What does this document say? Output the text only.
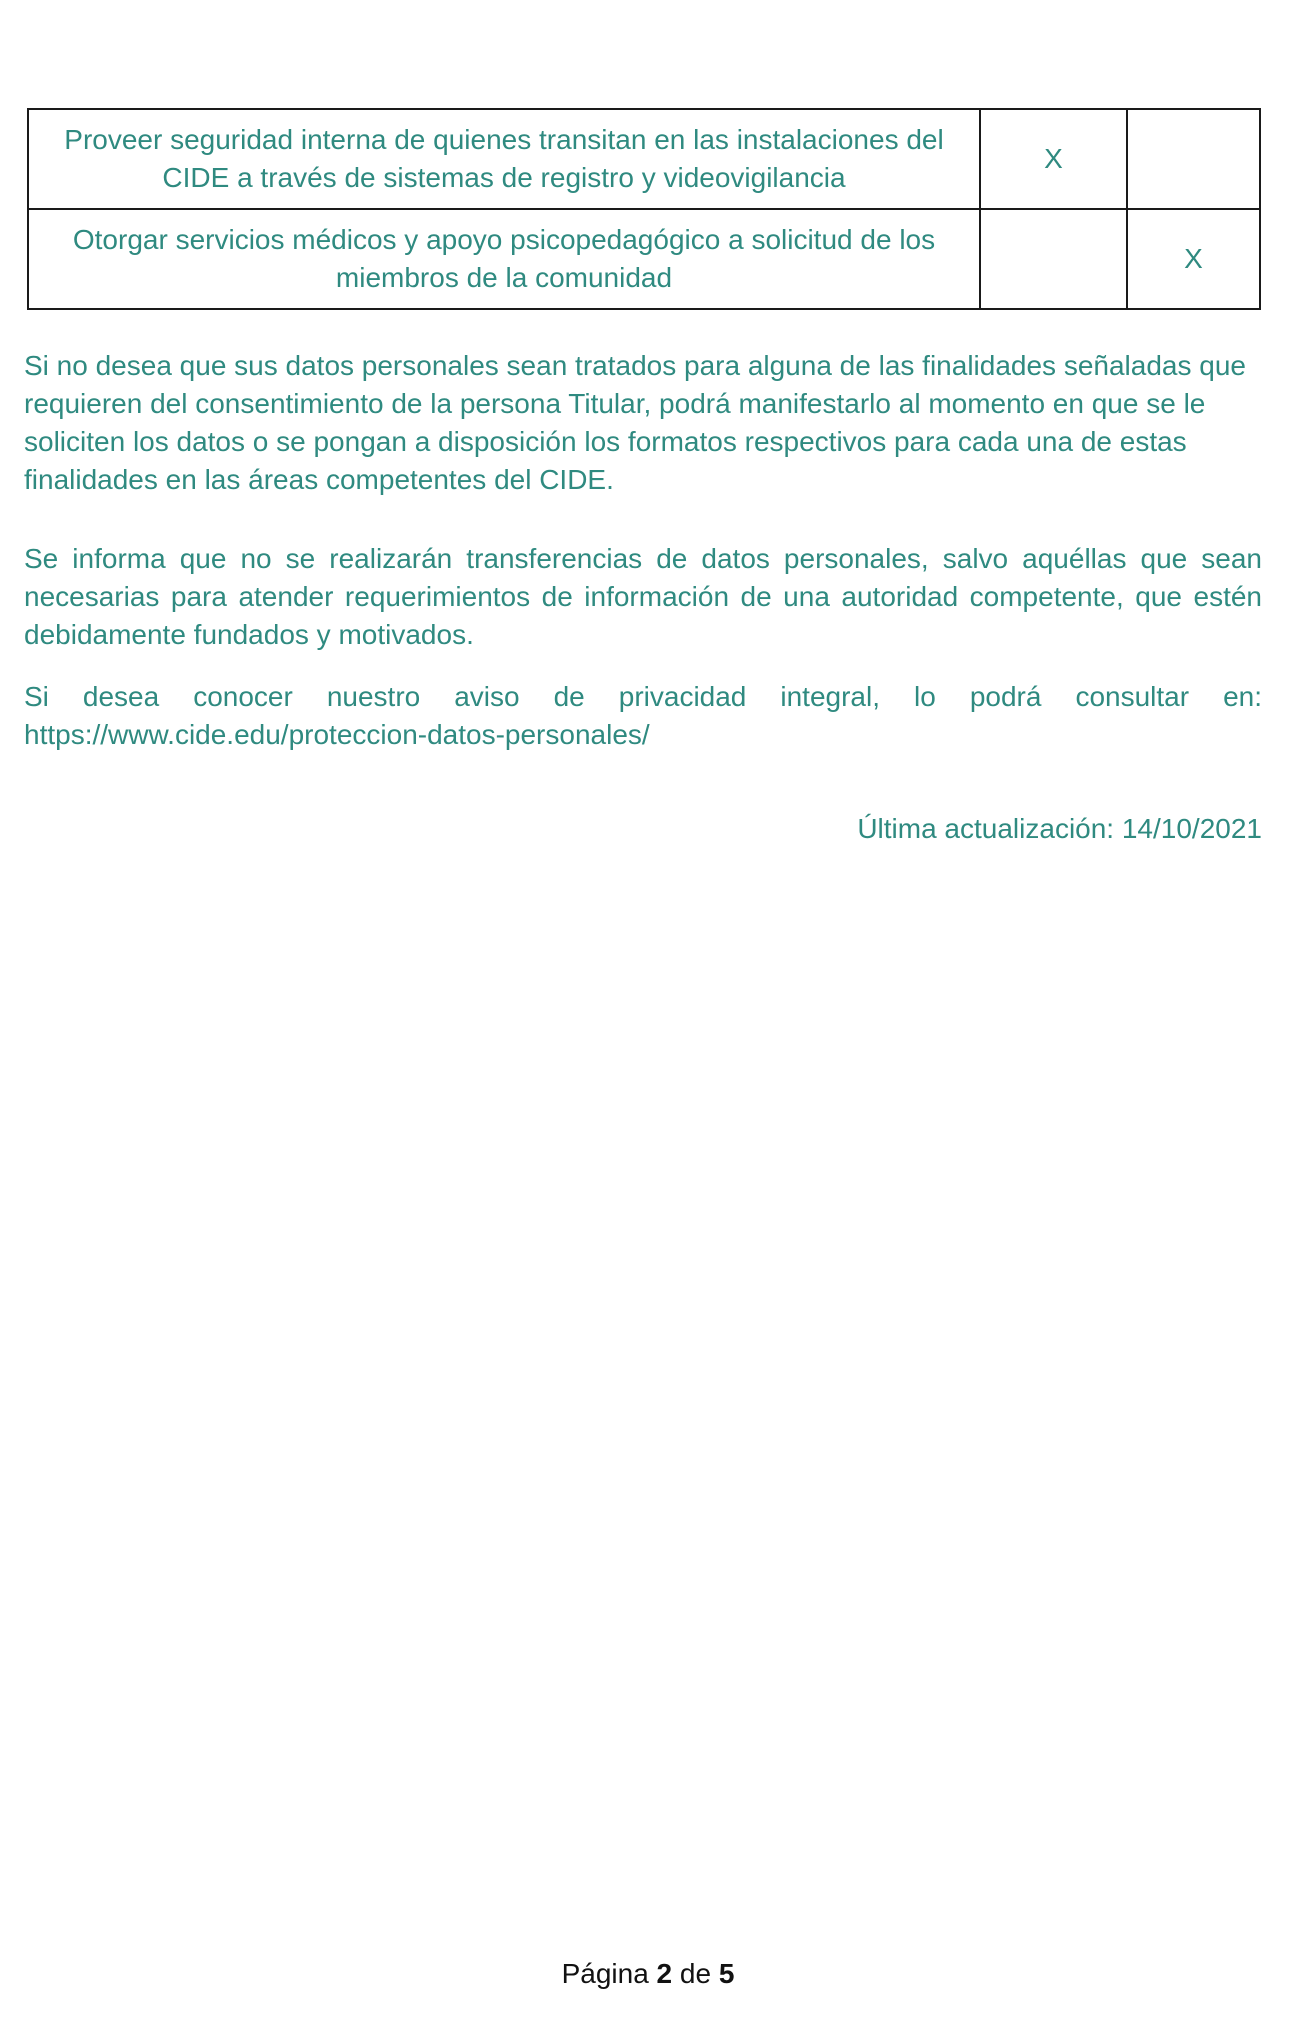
Proveer seguridad interna de quienes transitan en las instalaciones del CIDE a través de sistemas de registro y videovigilancia	X	
Otorgar servicios médicos y apoyo psicopedagógico a solicitud de los miembros de la comunidad		X

Si no desea que sus datos personales sean tratados para alguna de las finalidades señaladas que requieren del consentimiento de la persona Titular, podrá manifestarlo al momento en que se le soliciten los datos o se pongan a disposición los formatos respectivos para cada una de estas finalidades en las áreas competentes del CIDE.

Se informa que no se realizarán transferencias de datos personales, salvo aquéllas que sean necesarias para atender requerimientos de información de una autoridad competente, que estén debidamente fundados y motivados.

Si desea conocer nuestro aviso de privacidad integral, lo podrá consultar en:
https://www.cide.edu/proteccion-datos-personales/
Última actualización: 14/10/2021
Página 2 de 5
